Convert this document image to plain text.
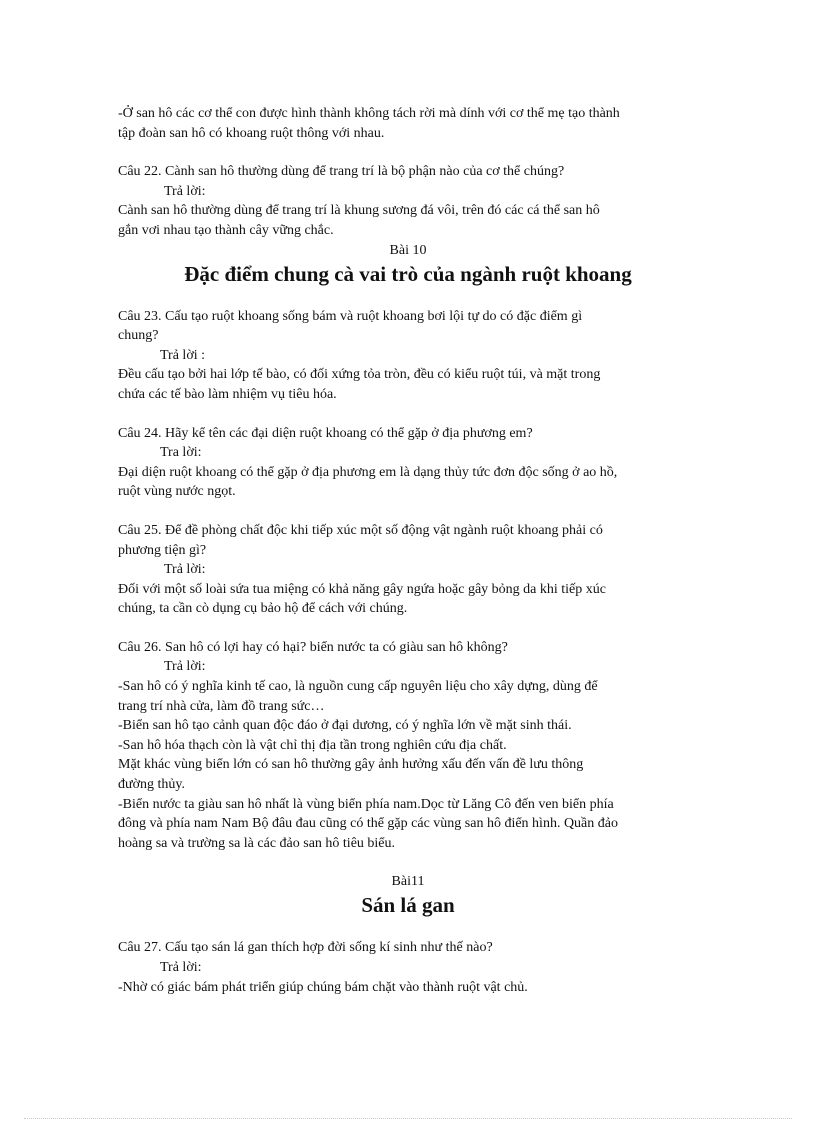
-Ở san hô các cơ thể con được hình thành không tách rời mà dính với cơ thể mẹ tạo thành

tập đoàn san hô có khoang ruột thông với nhau.

Câu 22. Cành san hô thường dùng để trang trí là bộ phận nào của cơ thể chúng?

Trả lời:

Cành san hô thường dùng để trang trí là khung sương đá vôi, trên đó các cá thể san hô

gắn vơi nhau tạo thành cây vững chắc.

Bài 10

Đặc điểm chung cà vai trò của ngành ruột khoang

Câu 23. Cấu tạo ruột khoang sống bám và ruột khoang bơi lội tự do có đặc điểm gì

chung?

Trả lời :

Đều cấu tạo bởi hai lớp tế bào, có đối xứng tỏa tròn, đều có kiểu ruột túi, và mặt trong

chứa các tế bào làm nhiệm vụ tiêu hóa.

Câu 24. Hãy kể tên các đại diện ruột khoang có thể gặp ở địa phương em?

Tra lời:

Đại diện ruột khoang có thể gặp ở địa phương em là dạng thủy tức đơn độc sống ở ao hồ,

ruột vùng nước ngọt.

Câu 25. Để đề phòng chất độc khi tiếp xúc một số động vật ngành ruột khoang phải có

phương tiện gì?

Trả lời:

Đối với một số loài sứa tua miệng có khả năng gây ngứa hoặc gây bỏng da khi tiếp xúc

chúng, ta cần cò dụng cụ bảo hộ để cách với chúng.

Câu 26. San hô có lợi hay có hại? biển nước ta có giàu san hô không?

Trả lời:

-San hô có ý nghĩa kinh tế cao, là nguồn cung cấp nguyên liệu cho xây dựng, dùng để

trang trí nhà cửa, làm đồ trang sức…

-Biển san hô tạo cảnh quan độc đáo ở đại dương, có ý nghĩa lớn về mặt sinh thái.

-San hô hóa thạch còn là vật chỉ thị địa tần trong nghiên cứu địa chất.

Mặt khác vùng biển lớn có san hô thường gây ảnh hưởng xấu đến vấn đề lưu thông

đường thủy.

-Biển nước ta giàu san hô nhất là vùng biển phía nam.Dọc từ Lăng Cô đến ven biển phía

đông và phía nam Nam Bộ đâu đau cũng có thể gặp các vùng san hô điển hình. Quần đảo

hoàng sa và trường sa là các đảo san hô tiêu biểu.

Bài11

Sán lá gan

Câu 27. Cấu tạo sán lá gan thích hợp đời sống kí sinh như thế nào?

Trả lời:

-Nhờ có giác bám phát triển giúp chúng bám chặt vào thành ruột vật chủ.
